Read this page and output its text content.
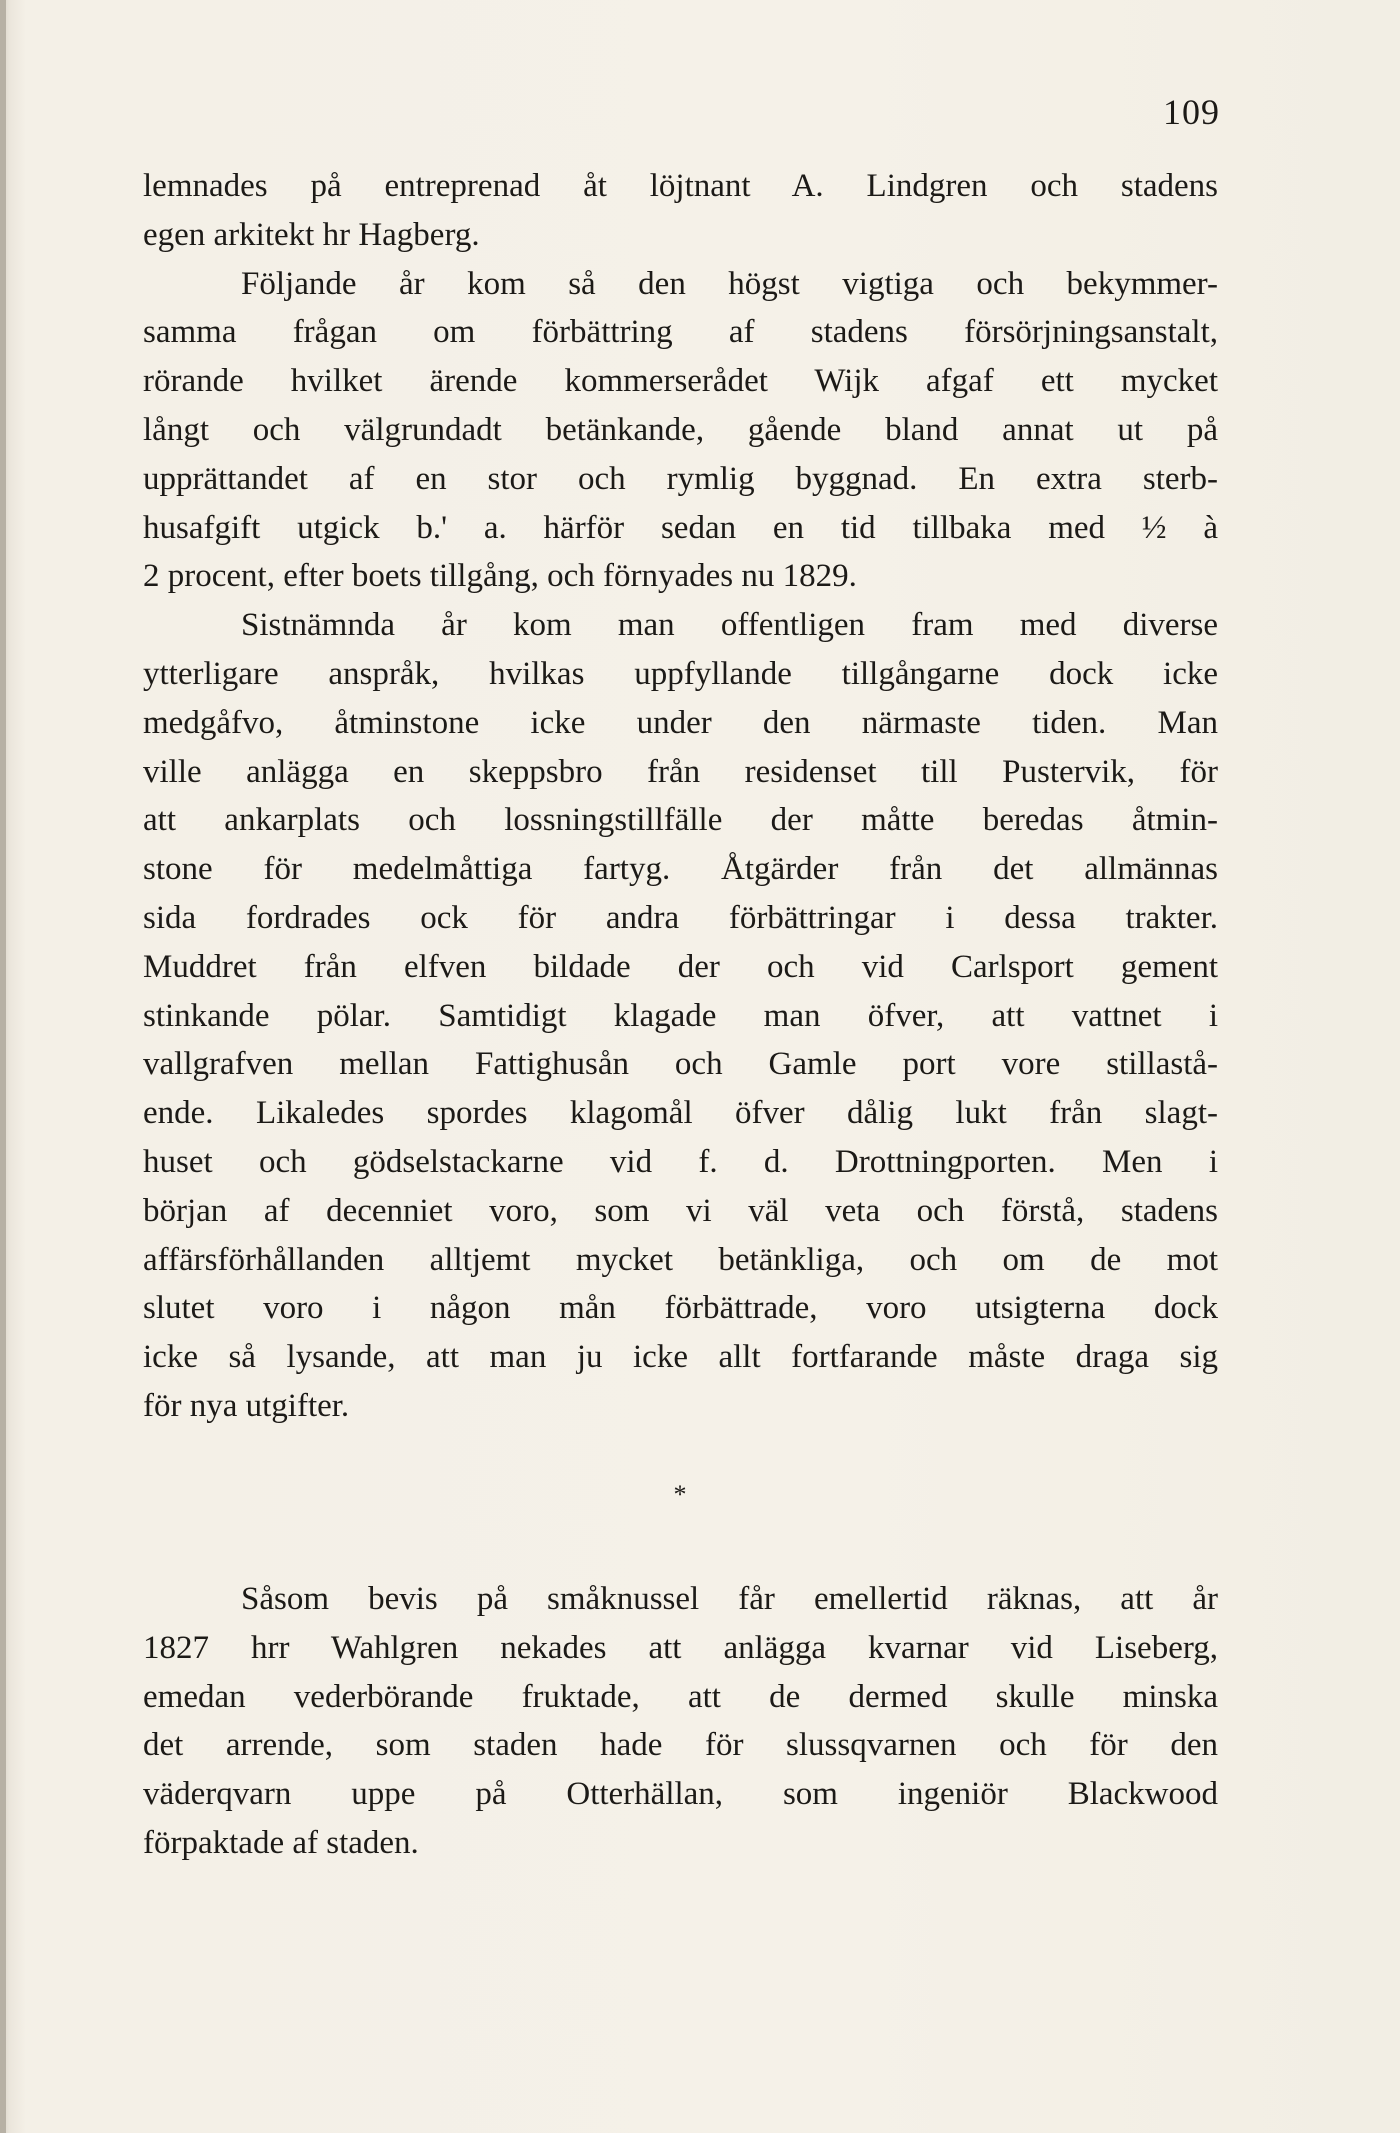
109
lemnades på entreprenad åt löjtnant A. Lindgren och stadens
egen arkitekt hr Hagberg.
Följande år kom så den högst vigtiga och bekymmer-
samma frågan om förbättring af stadens försörjningsanstalt,
rörande hvilket ärende kommerserådet Wijk afgaf ett mycket
långt och välgrundadt betänkande, gående bland annat ut på
upprättandet af en stor och rymlig byggnad. En extra sterb-
husafgift utgick b.' a. härför sedan en tid tillbaka med ½ à
2 procent, efter boets tillgång, och förnyades nu 1829.
Sistnämnda år kom man offentligen fram med diverse
ytterligare anspråk, hvilkas uppfyllande tillgångarne dock icke
medgåfvo, åtminstone icke under den närmaste tiden. Man
ville anlägga en skeppsbro från residenset till Pustervik, för
att ankarplats och lossningstillfälle der måtte beredas åtmin-
stone för medelmåttiga fartyg. Åtgärder från det allmännas
sida fordrades ock för andra förbättringar i dessa trakter.
Muddret från elfven bildade der och vid Carlsport gement
stinkande pölar. Samtidigt klagade man öfver, att vattnet i
vallgrafven mellan Fattighusån och Gamle port vore stillastå-
ende. Likaledes spordes klagomål öfver dålig lukt från slagt-
huset och gödselstackarne vid f. d. Drottningporten. Men i
början af decenniet voro, som vi väl veta och förstå, stadens
affärsförhållanden alltjemt mycket betänkliga, och om de mot
slutet voro i någon mån förbättrade, voro utsigterna dock
icke så lysande, att man ju icke allt fortfarande måste draga sig
för nya utgifter.
*
Såsom bevis på småknussel får emellertid räknas, att år
1827 hrr Wahlgren nekades att anlägga kvarnar vid Liseberg,
emedan vederbörande fruktade, att de dermed skulle minska
det arrende, som staden hade för slussqvarnen och för den
väderqvarn uppe på Otterhällan, som ingeniör Blackwood
förpaktade af staden.
